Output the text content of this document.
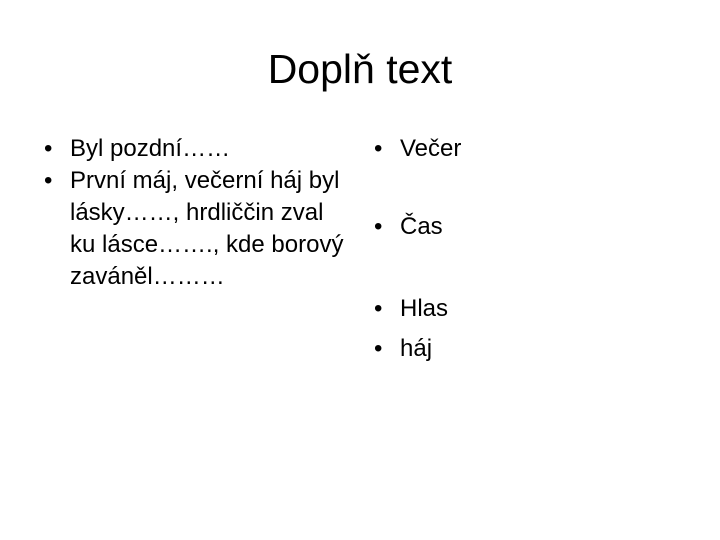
Doplň text
• Byl pozdní……
• První máj, večerní háj byl lásky……, hrdliččin zval ku lásce……., kde borový zaváněl………
• Večer
• Čas
• Hlas
• háj
